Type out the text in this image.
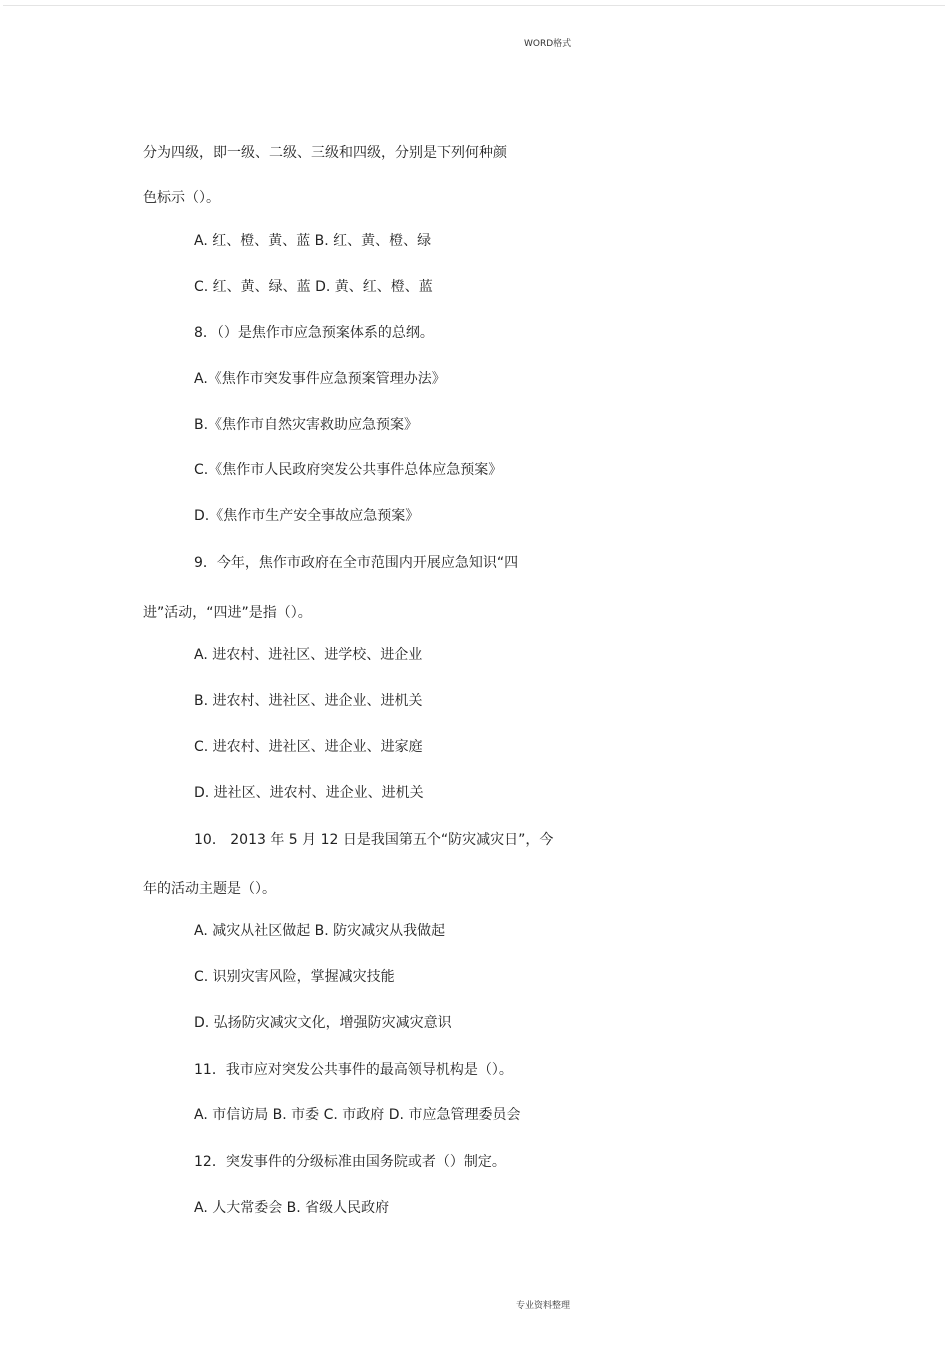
WORD格式
分为四级，即一级、二级、三级和四级，分别是下列何种颜
色标示（）。
A. 红、橙、黄、蓝 B. 红、黄、橙、绿
C. 红、黄、绿、蓝 D. 黄、红、橙、蓝
8．（）是焦作市应急预案体系的总纲。
A.《焦作市突发事件应急预案管理办法》
B.《焦作市自然灾害救助应急预案》
C.《焦作市人民政府突发公共事件总体应急预案》
D.《焦作市生产安全事故应急预案》
9．今年，焦作市政府在全市范围内开展应急知识“四
进”活动，“四进”是指（）。
A. 进农村、进社区、进学校、进企业
B. 进农村、进社区、进企业、进机关
C. 进农村、进社区、进企业、进家庭
D. 进社区、进农村、进企业、进机关
10． 2013 年 5 月 12 日是我国第五个“防灾减灾日”，今
年的活动主题是（）。
A. 减灾从社区做起 B. 防灾减灾从我做起
C. 识别灾害风险，掌握减灾技能
D. 弘扬防灾减灾文化，增强防灾减灾意识
11．我市应对突发公共事件的最高领导机构是（）。
A. 市信访局 B. 市委 C. 市政府 D. 市应急管理委员会
12．突发事件的分级标准由国务院或者（）制定。
A. 人大常委会 B. 省级人民政府
专业资料整理
